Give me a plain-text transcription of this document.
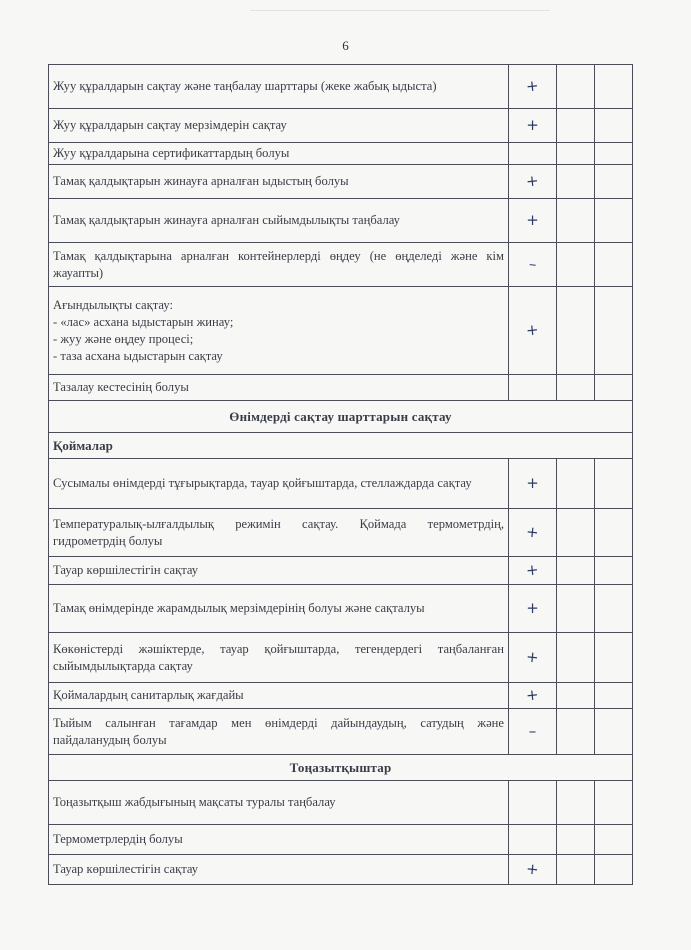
6
Жуу құралдарын сақтау және таңбалау шарттары (жеке жабық ыдыста)	+		
Жуу құралдарын сақтау мерзімдерін сақтау	+		
Жуу құралдарына сертификаттардың болуы			
Тамақ қалдықтарын жинауға арналған ыдыстың болуы	+		
Тамақ қалдықтарын жинауға арналған сыйымдылықты таңбалау	+		
Тамақ қалдықтарына арналған контейнерлерді өңдеу (не өңделеді және кім жауапты)	–		

Ағындылықты сақтау:
- «лас» асхана ыдыстарын жинау;
- жуу және өңдеу процесі;
- таза асхана ыдыстарын сақтау	+		
Тазалау кестесінің болуы			
Өнімдерді сақтау шарттарын сақтау			
Қоймалар			
Сусымалы өнімдерді тұғырықтарда, тауар қойғыштарда, стеллаждарда сақтау	+		
Температуралық-ылғалдылық режимін сақтау. Қоймада термометрдің, гидрометрдің болуы	+		
Тауар көршілестігін сақтау	+		
Тамақ өнімдерінде жарамдылық мерзімдерінің болуы және сақталуы	+		
Көкөністерді жәшіктерде, тауар қойғыштарда, тегендердегі таңбаланған сыйымдылықтарда сақтау	+		
Қоймалардың санитарлық жағдайы	+		
Тыйым салынған тағамдар мен өнімдерді дайындаудың, сатудың және пайдаланудың болуы	–		
Тоңазытқыштар			
Тоңазытқыш жабдығының мақсаты туралы таңбалау			
Термометрлердің болуы			
Тауар көршілестігін сақтау	+		
